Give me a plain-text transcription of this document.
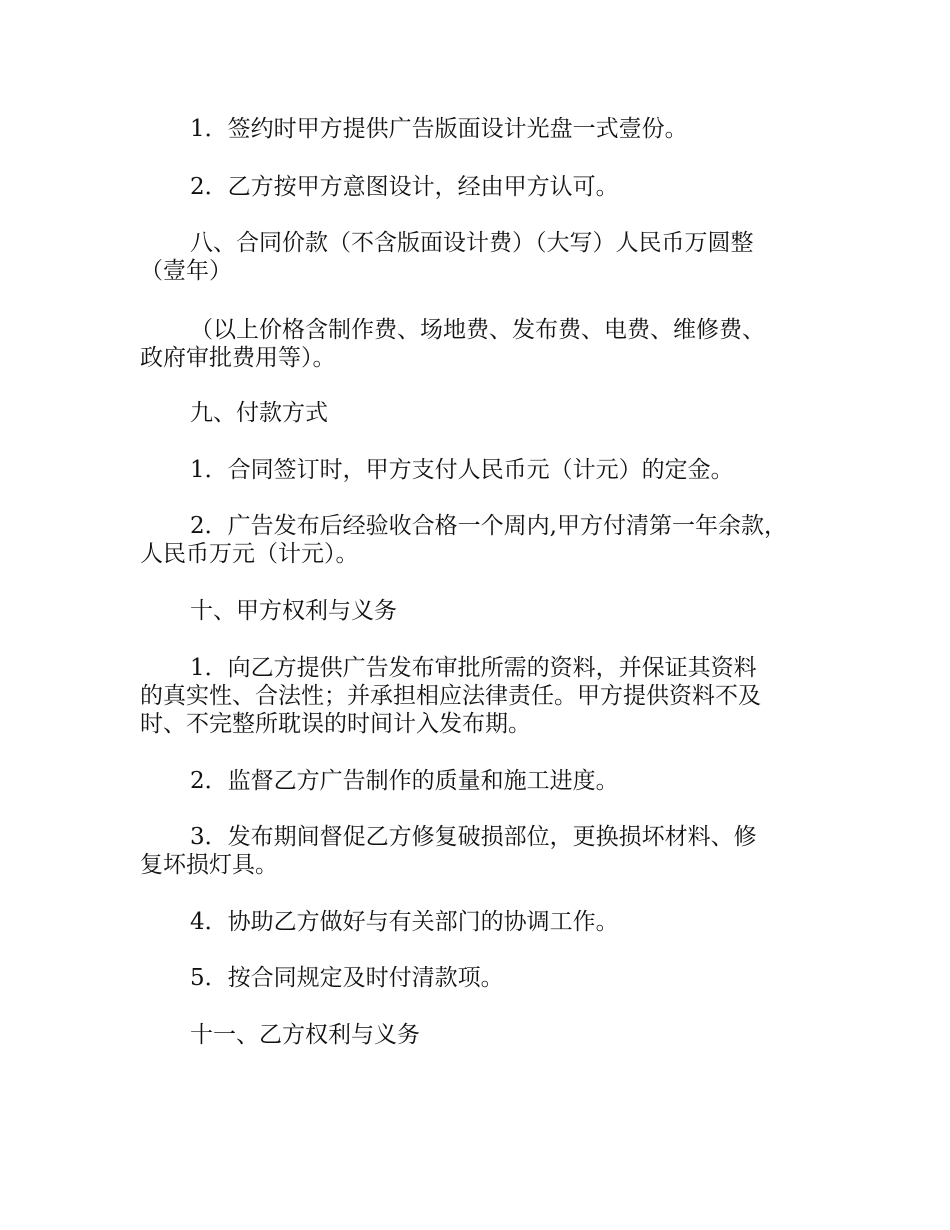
1．签约时甲方提供广告版面设计光盘一式壹份。

2．乙方按甲方意图设计，经由甲方认可。

八、合同价款（不含版面设计费）（大写）人民币万圆整

（壹年）

（以上价格含制作费、场地费、发布费、电费、维修费、

政府审批费用等）。

九、付款方式

1．合同签订时，甲方支付人民币元（计元）的定金。

2．广告发布后经验收合格一个周内,甲方付清第一年余款，

人民币万元（计元）。

十、甲方权利与义务

1．向乙方提供广告发布审批所需的资料，并保证其资料

的真实性、合法性；并承担相应法律责任。甲方提供资料不及

时、不完整所耽误的时间计入发布期。

2．监督乙方广告制作的质量和施工进度。

3．发布期间督促乙方修复破损部位，更换损坏材料、修

复坏损灯具。

4．协助乙方做好与有关部门的协调工作。

5．按合同规定及时付清款项。

十一、乙方权利与义务
